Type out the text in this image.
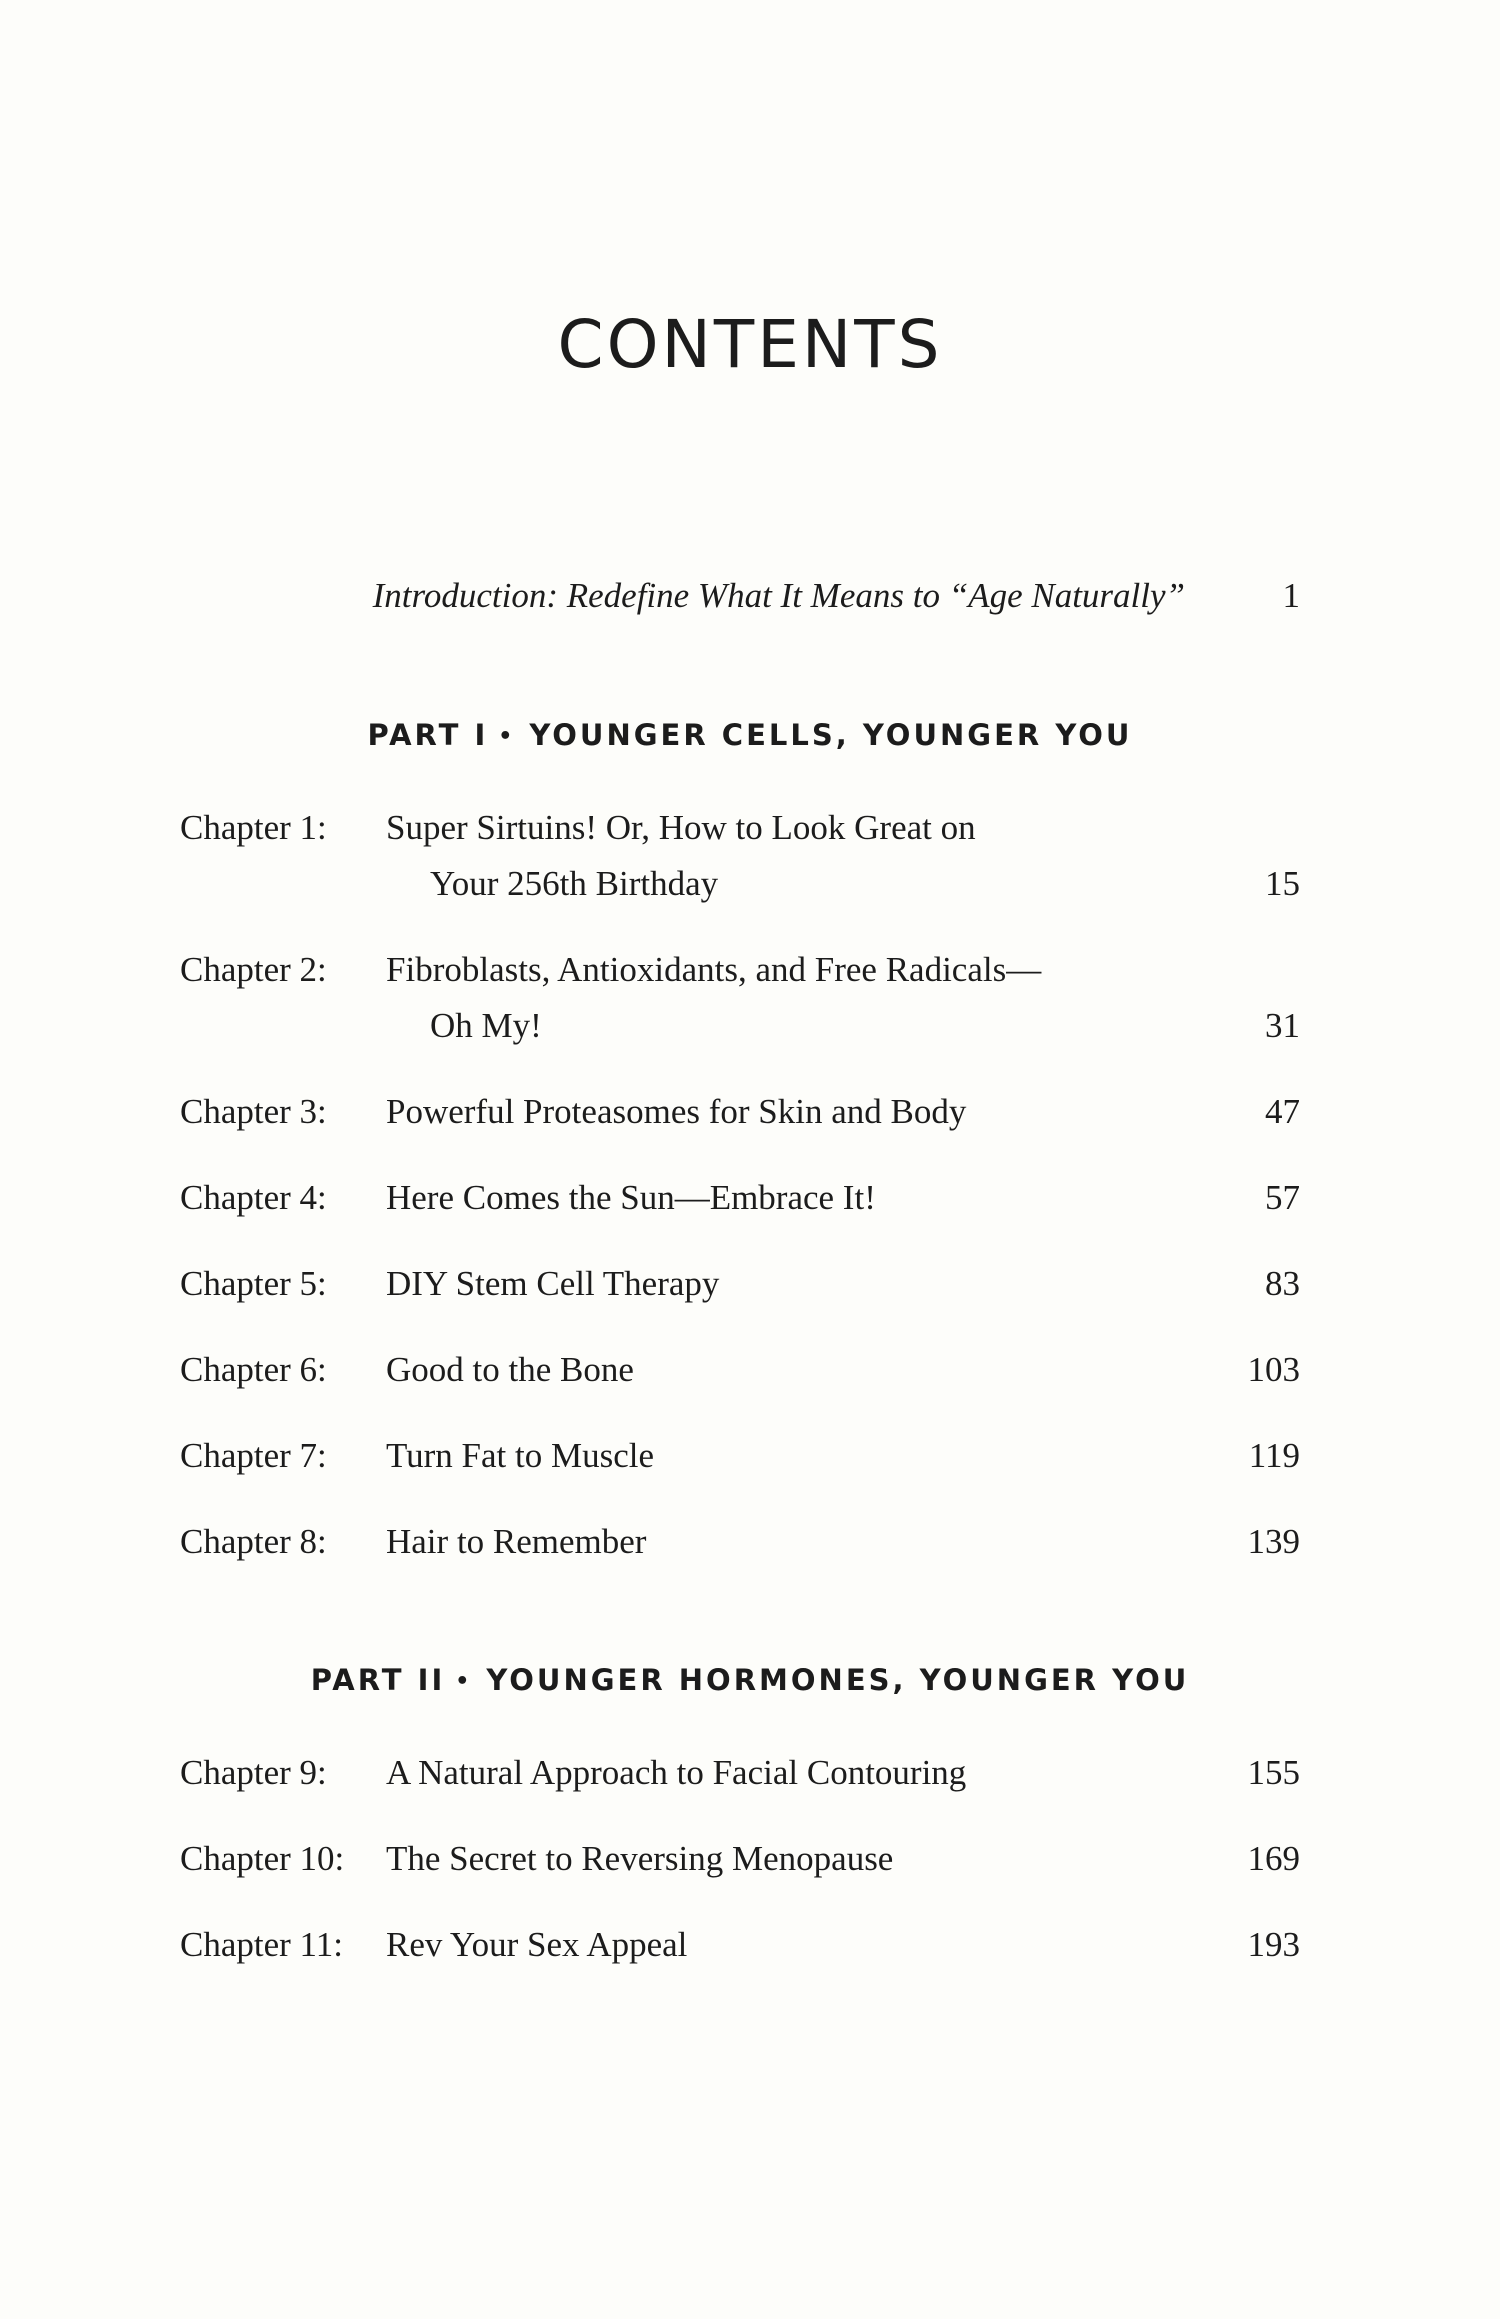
CONTENTS
Introduction: Redefine What It Means to “Age Naturally”	1
PART I • YOUNGER CELLS, YOUNGER YOU
Chapter 1: Super Sirtuins! Or, How to Look Great on
Your 256th Birthday	15
Chapter 2: Fibroblasts, Antioxidants, and Free Radicals—
Oh My!	31
Chapter 3: Powerful Proteasomes for Skin and Body	47
Chapter 4: Here Comes the Sun—Embrace It!	57
Chapter 5: DIY Stem Cell Therapy	83
Chapter 6: Good to the Bone	103
Chapter 7: Turn Fat to Muscle	119
Chapter 8: Hair to Remember	139
PART II • YOUNGER HORMONES, YOUNGER YOU
Chapter 9: A Natural Approach to Facial Contouring	155
Chapter 10: The Secret to Reversing Menopause	169
Chapter 11: Rev Your Sex Appeal	193
